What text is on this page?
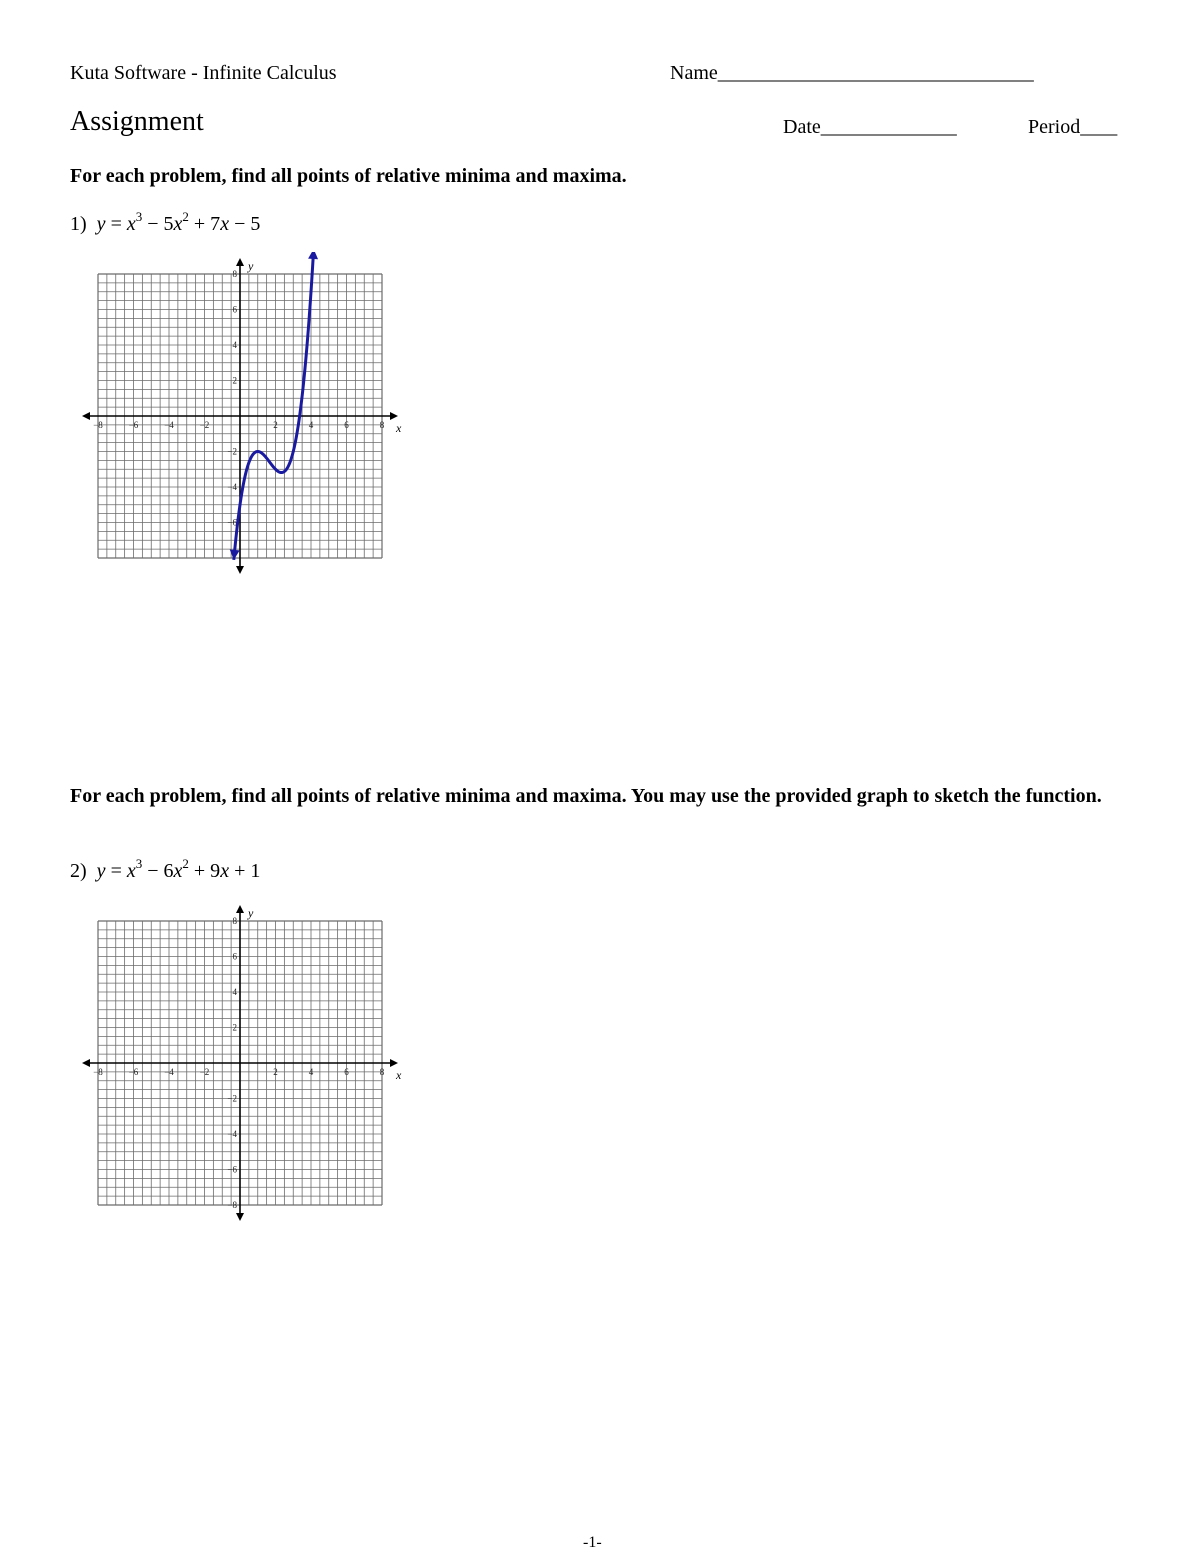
Kuta Software - Infinite Calculus	Name___________________________________
Assignment	Date_______________	Period____
For each problem, find all points of relative minima and maxima.
1) $y = x^3 - 5x^2 + 7x - 5$
x
y
−8	−6	−4	−2	2	4	6	8
8
6
4
2
−2
−4
−6
For each problem, find all points of relative minima and maxima. You may use the provided graph to sketch the function.
2) $y = x^3 - 6x^2 + 9x + 1$
x
y
−8	−6	−4	−2	2	4	6	8
8
6
4
2
−2
−4
−6
−8
-1-
